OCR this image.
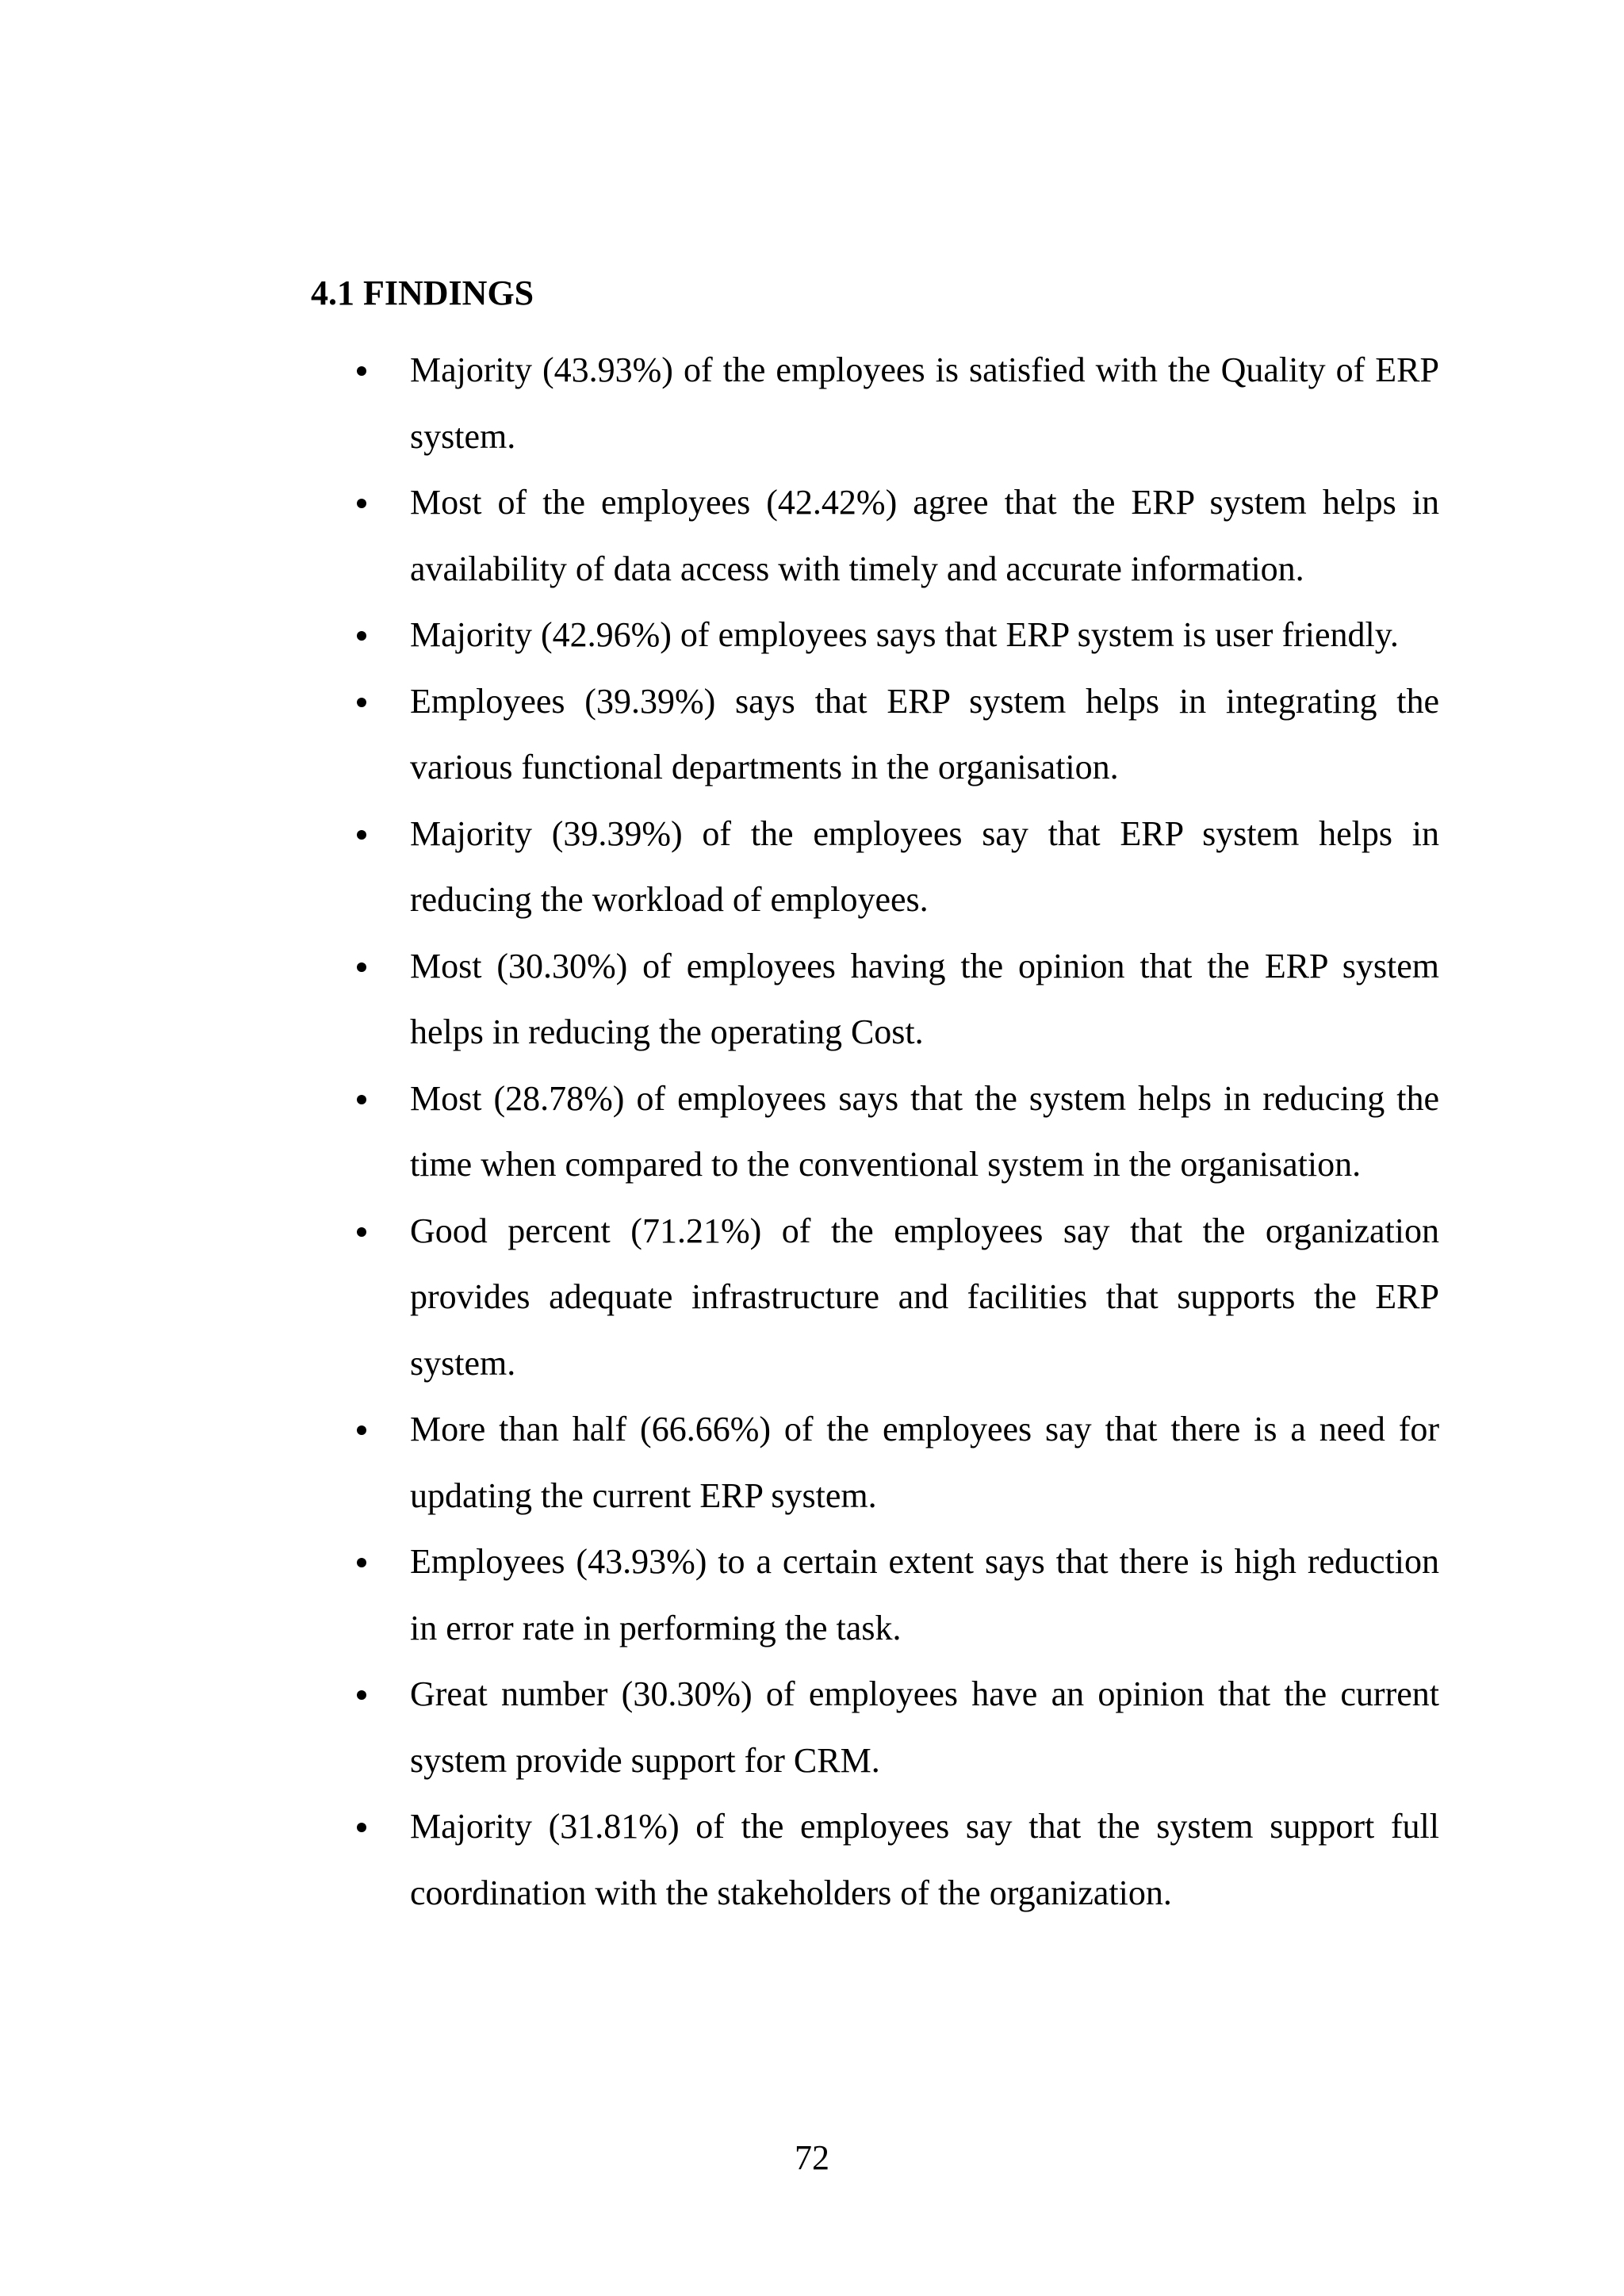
4.1 FINDINGS
Majority (43.93%) of the employees is satisfied with the Quality of ERP system.
Most of the employees (42.42%) agree that the ERP system helps in availability of data access with timely and accurate information.
Majority (42.96%) of employees says that ERP system is user friendly.
Employees (39.39%) says that ERP system helps in integrating the various functional departments in the organisation.
Majority (39.39%) of the employees say that ERP system helps in reducing the workload of employees.
Most (30.30%) of employees having the opinion that the ERP system helps in reducing the operating Cost.
Most (28.78%) of employees says that the system helps in reducing the time when compared to the conventional system in the organisation.
Good percent (71.21%) of the employees say that the organization provides adequate infrastructure and facilities that supports the ERP system.
More than half (66.66%) of the employees say that there is a need for updating the current ERP system.
Employees (43.93%) to a certain extent says that there is high reduction in error rate in performing the task.
Great number (30.30%) of employees have an opinion that the current system provide support for CRM.
Majority (31.81%) of the employees say that the system support full coordination with the stakeholders of the organization.

72
